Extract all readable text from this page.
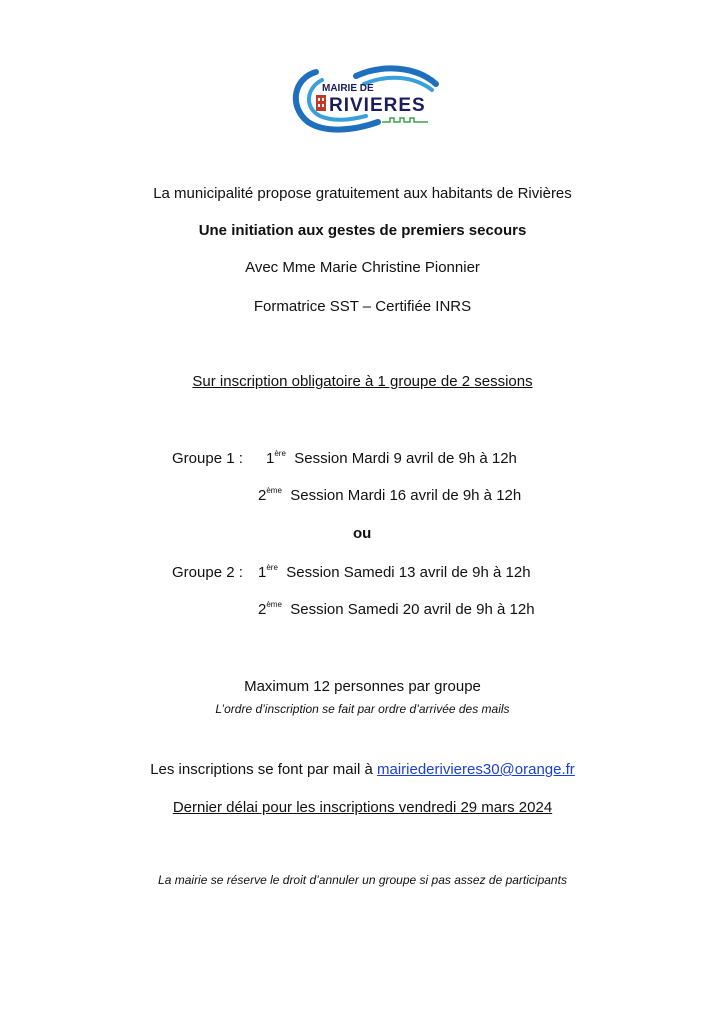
MAIRIE DE
RIVIERES
La municipalité propose gratuitement aux habitants de Rivières
Une initiation aux gestes de premiers secours
Avec Mme Marie Christine Pionnier
Formatrice SST – Certifiée INRS
Sur inscription obligatoire à 1 groupe de 2 sessions
Groupe 1 : 1ère Session Mardi 9 avril de 9h à 12h
2ème Session Mardi 16 avril de 9h à 12h
ou
Groupe 2 : 1ère Session Samedi 13 avril de 9h à 12h
2ème Session Samedi 20 avril de 9h à 12h
Maximum 12 personnes par groupe
L’ordre d’inscription se fait par ordre d’arrivée des mails
Les inscriptions se font par mail à mairiederivieres30@orange.fr
Dernier délai pour les inscriptions vendredi 29 mars 2024
La mairie se réserve le droit d’annuler un groupe si pas assez de participants
